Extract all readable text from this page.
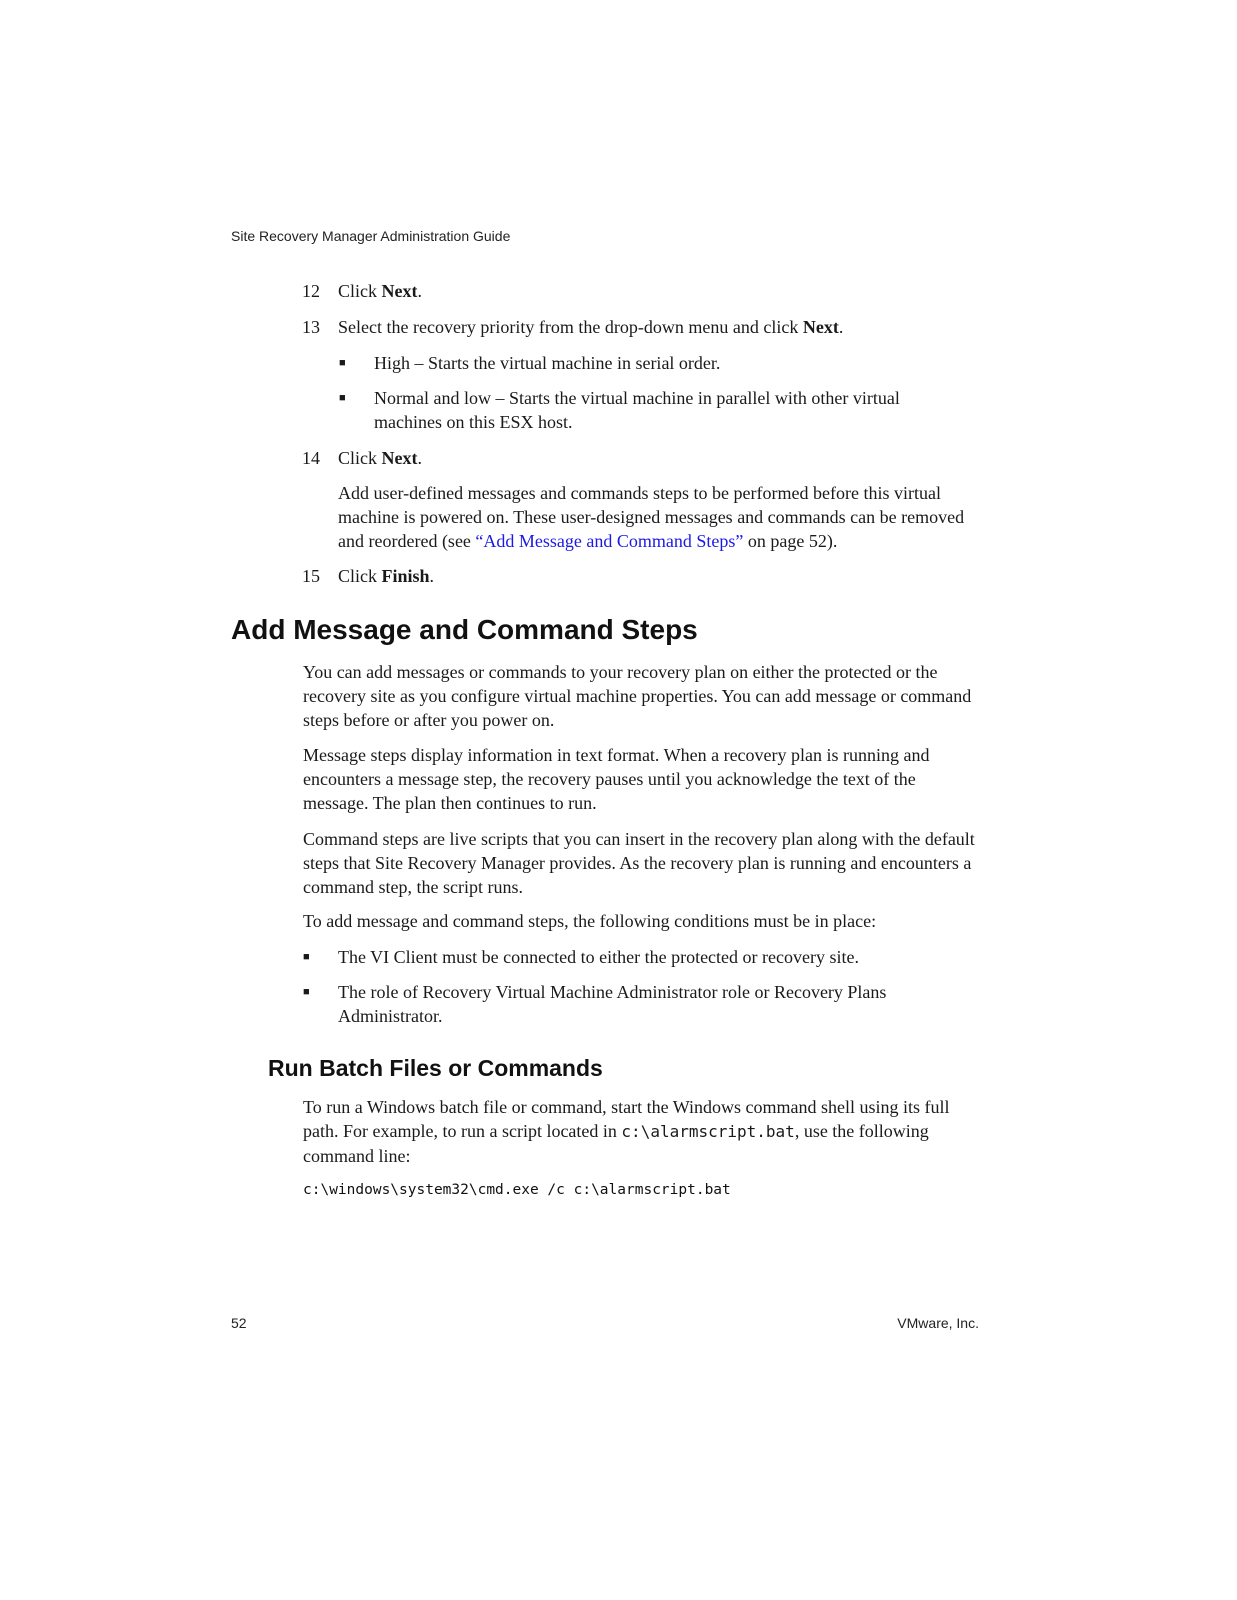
Site Recovery Manager Administration Guide
12	Click Next.
13	Select the recovery priority from the drop-down menu and click Next.
■ High – Starts the virtual machine in serial order.
■ Normal and low – Starts the virtual machine in parallel with other virtual machines on this ESX host.
14	Click Next.
Add user-defined messages and commands steps to be performed before this virtual machine is powered on. These user-designed messages and commands can be removed and reordered (see “Add Message and Command Steps” on page 52).
15	Click Finish.
Add Message and Command Steps
You can add messages or commands to your recovery plan on either the protected or the recovery site as you configure virtual machine properties. You can add message or command steps before or after you power on.
Message steps display information in text format. When a recovery plan is running and encounters a message step, the recovery pauses until you acknowledge the text of the message. The plan then continues to run.
Command steps are live scripts that you can insert in the recovery plan along with the default steps that Site Recovery Manager provides. As the recovery plan is running and encounters a command step, the script runs.
To add message and command steps, the following conditions must be in place:
■ The VI Client must be connected to either the protected or recovery site.
■ The role of Recovery Virtual Machine Administrator role or Recovery Plans Administrator.
Run Batch Files or Commands
To run a Windows batch file or command, start the Windows command shell using its full path. For example, to run a script located in c:\alarmscript.bat, use the following command line:
c:\windows\system32\cmd.exe /c c:\alarmscript.bat
52	VMware, Inc.
